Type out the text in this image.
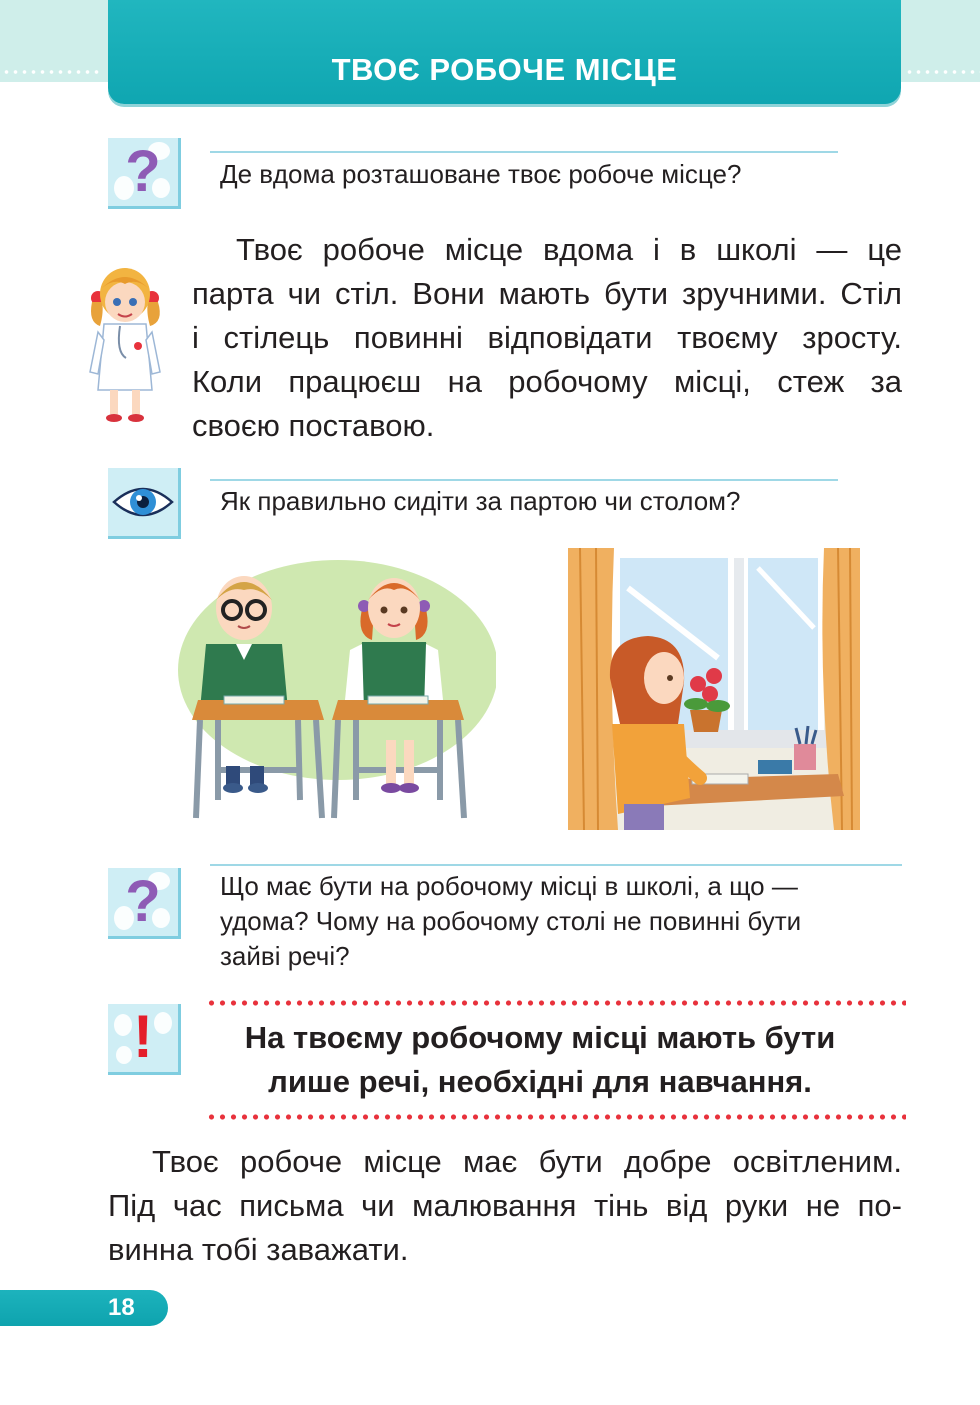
ТВОЄ РОБОЧЕ МІСЦЕ
?	Де вдома розташоване твоє робоче місце?
Твоє робоче місце вдома і в школі — це
парта чи стіл. Вони мають бути зручними. Стіл
і стілець повинні відповідати твоєму зросту.
Коли працюєш на робочому місці, стеж за
своєю поставою.
Як правильно сидіти за партою чи столом?
?	Що має бути на робочому місці в школі, а що —
удома? Чому на робочому столі не повинні бути
зайві речі?
!	На твоєму робочому місці мають бути
лише речі, необхідні для навчання.
Твоє робоче місце має бути добре освітленим.
Під час письма чи малювання тінь від руки не по-
винна тобі заважати.
18
